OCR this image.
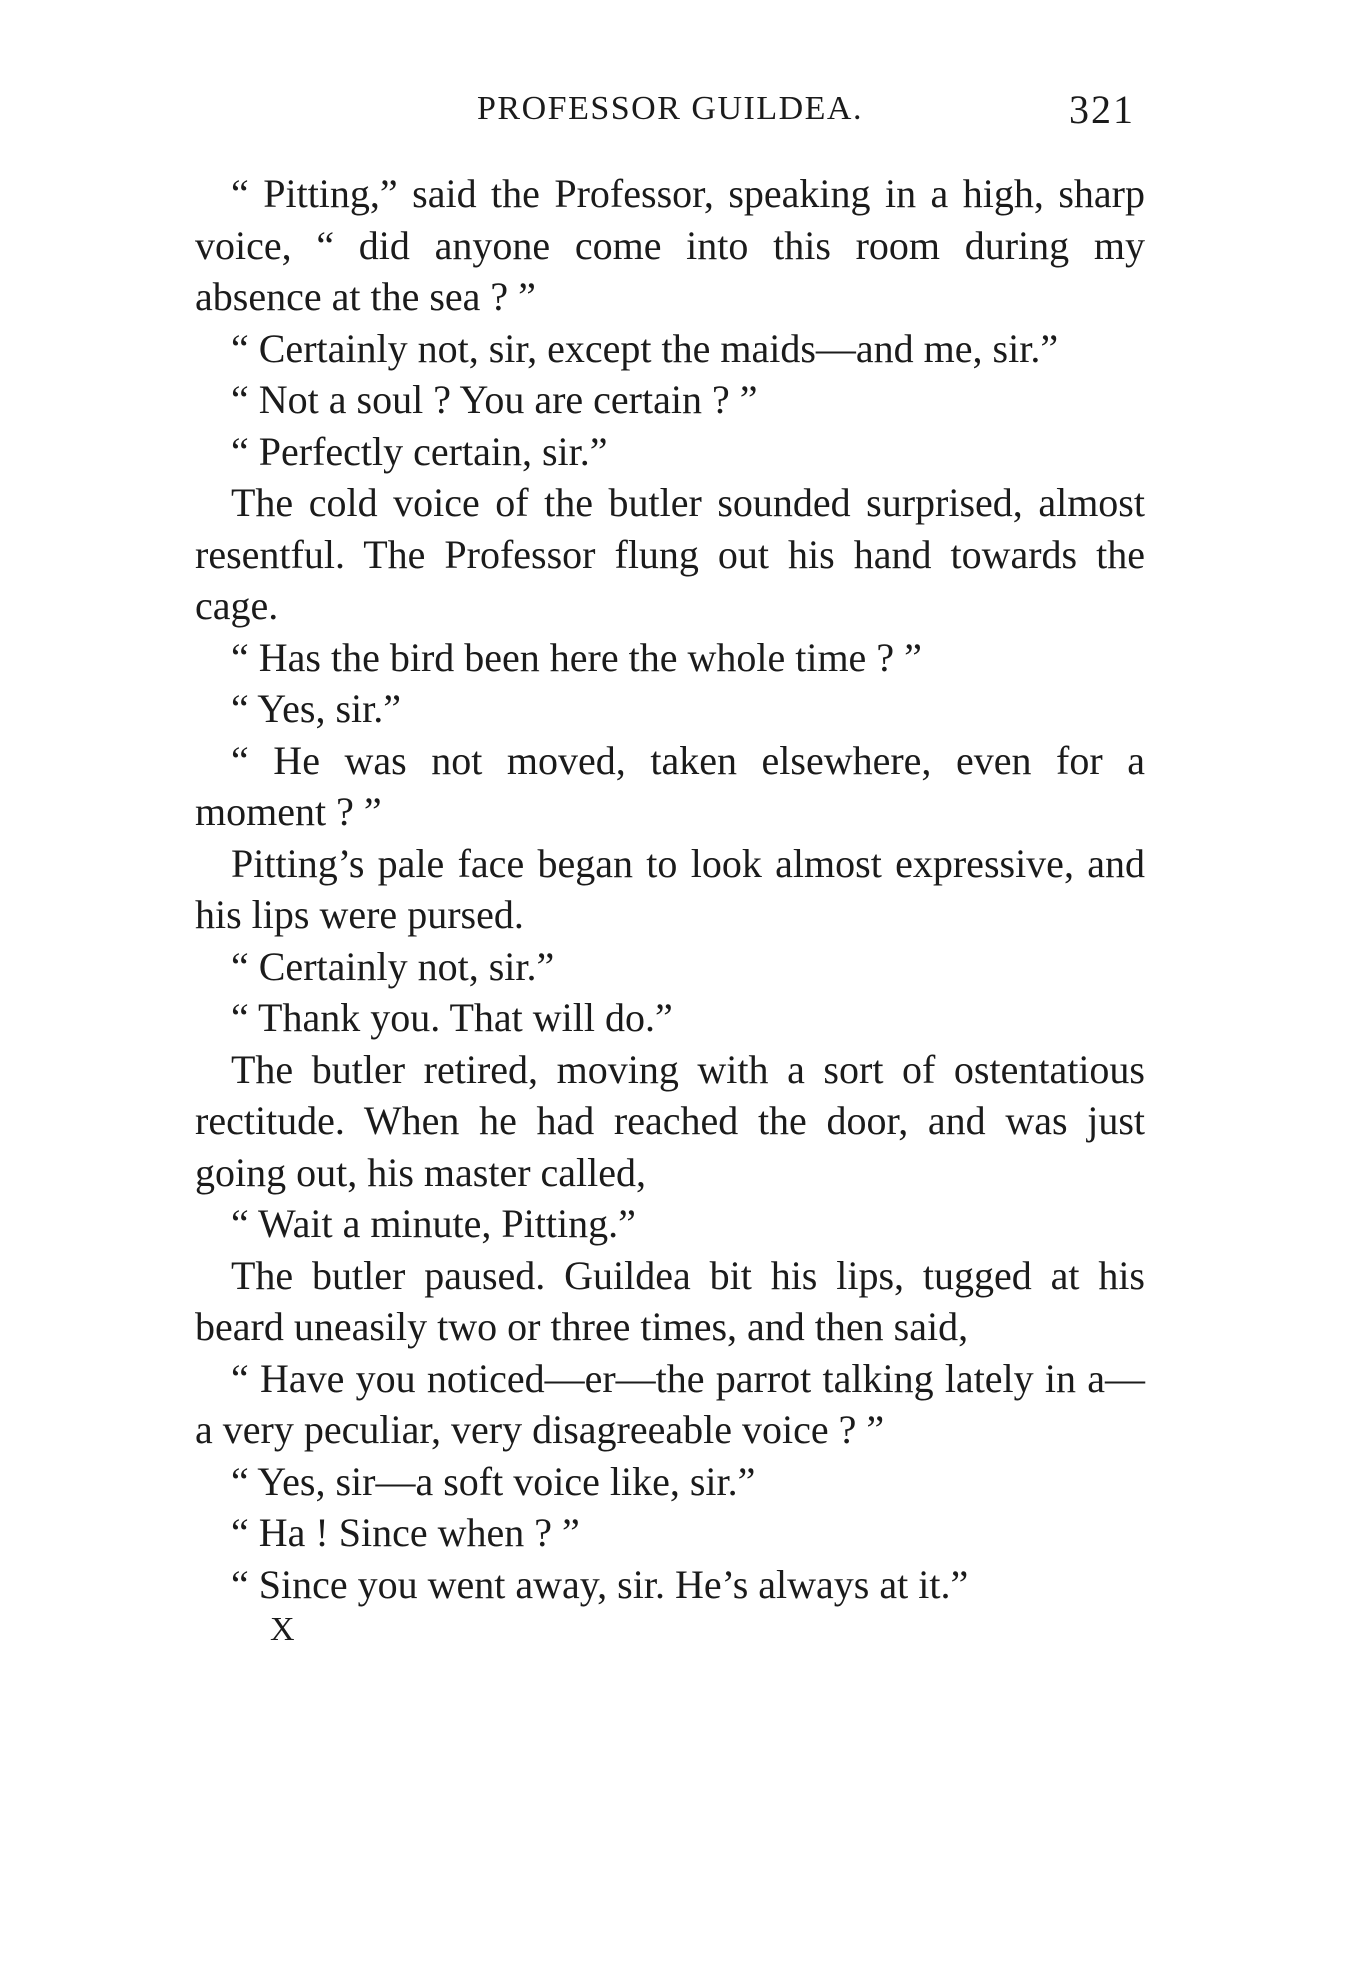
PROFESSOR GUILDEA.	321

“ Pitting,” said the Professor, speaking in a high, sharp voice, “ did anyone come into this room during my absence at the sea ? ”

“ Certainly not, sir, except the maids—and me, sir.”

“ Not a soul ? You are certain ? ”

“ Perfectly certain, sir.”

The cold voice of the butler sounded surprised, almost resentful. The Professor flung out his hand towards the cage.

“ Has the bird been here the whole time ? ”

“ Yes, sir.”

“ He was not moved, taken elsewhere, even for a moment ? ”

Pitting’s pale face began to look almost expressive, and his lips were pursed.

“ Certainly not, sir.”

“ Thank you. That will do.”

The butler retired, moving with a sort of ostentatious rectitude. When he had reached the door, and was just going out, his master called,

“ Wait a minute, Pitting.”

The butler paused. Guildea bit his lips, tugged at his beard uneasily two or three times, and then said,

“ Have you noticed—er—the parrot talking lately in a—a very peculiar, very disagreeable voice ? ”

“ Yes, sir—a soft voice like, sir.”

“ Ha ! Since when ? ”

“ Since you went away, sir. He’s always at it.”

X
